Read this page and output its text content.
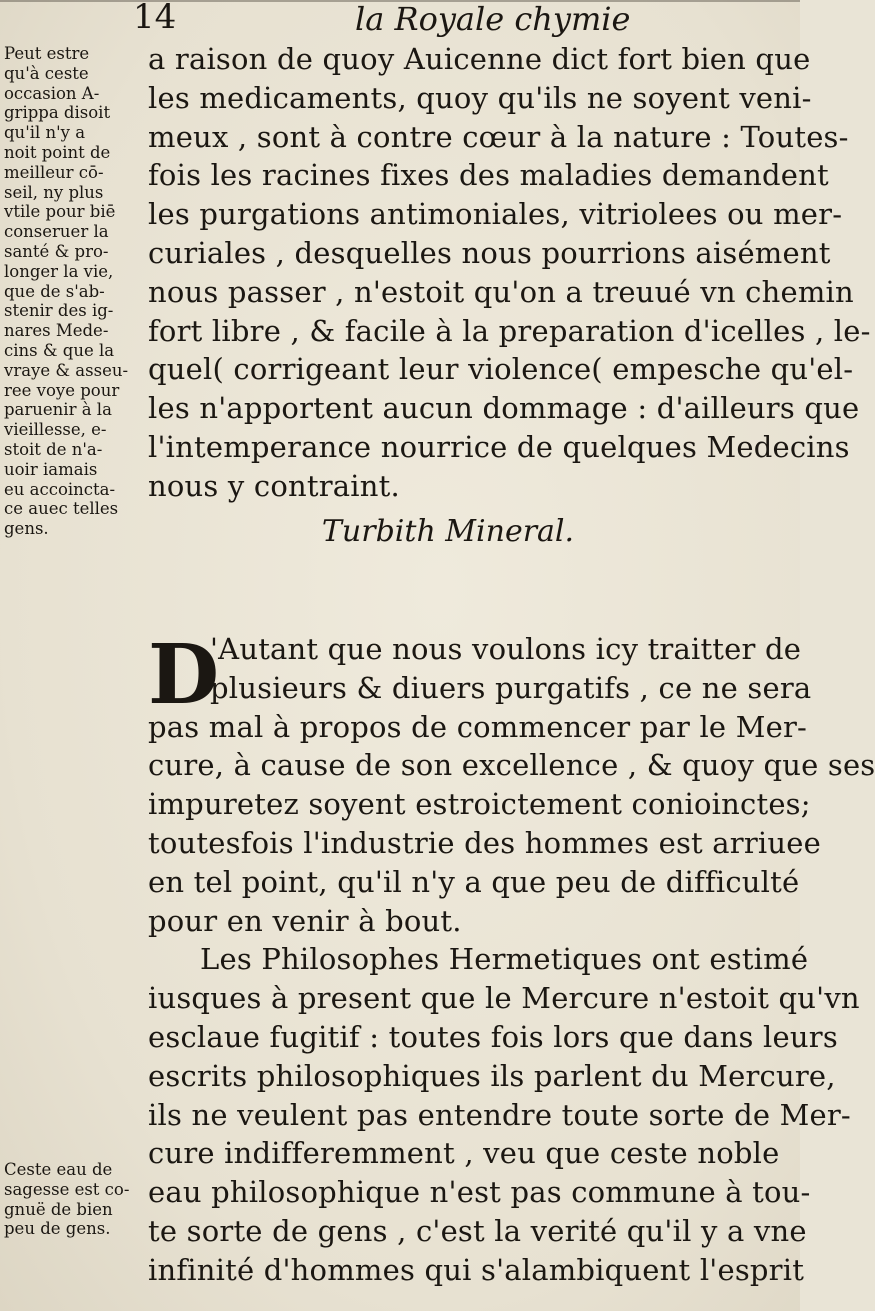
14	la Royale chymie
Peut estre
qu'à ceste
occasion A-
grippa disoit
qu'il n'y a
noit point de
meilleur cō-
seil, ny plus
vtile pour biē
conseruer la
santé & pro-
longer la vie,
que de s'ab-
stenir des ig-
nares Mede-
cins & que la
vraye & asseu-
ree voye pour
paruenir à la
vieillesse, e-
stoit de n'a-
uoir iamais
eu accoincta-
ce auec telles
gens.
Ceste eau de
sagesse est co-
gnuë de bien
peu de gens.
a raison de quoy Auicenne dict fort bien que
les medicaments, quoy qu'ils ne soyent veni-
meux , sont à contre cœur à la nature : Toutes-
fois les racines fixes des maladies demandent
les purgations antimoniales, vitriolees ou mer-
curiales , desquelles nous pourrions aisément
nous passer , n'estoit qu'on a treuué vn chemin
fort libre , & facile à la preparation d'icelles , le-
quel( corrigeant leur violence( empesche qu'el-
les n'apportent aucun dommage : d'ailleurs que
l'intemperance nourrice de quelques Medecins
nous y contraint.
Turbith Mineral.
D
'Autant que nous voulons icy traitter de
plusieurs & diuers purgatifs , ce ne sera
pas mal à propos de commencer par le Mer-
cure, à cause de son excellence , & quoy que ses
impuretez soyent estroictement conioinctes;
toutesfois l'industrie des hommes est arriuee
en tel point, qu'il n'y a que peu de difficulté
pour en venir à bout.
Les Philosophes Hermetiques ont estimé
iusques à present que le Mercure n'estoit qu'vn
esclaue fugitif : toutes fois lors que dans leurs
escrits philosophiques ils parlent du Mercure,
ils ne veulent pas entendre toute sorte de Mer-
cure indifferemment , veu que ceste noble
eau philosophique n'est pas commune à tou-
te sorte de gens , c'est la verité qu'il y a vne
infinité d'hommes qui s'alambiquent l'esprit
